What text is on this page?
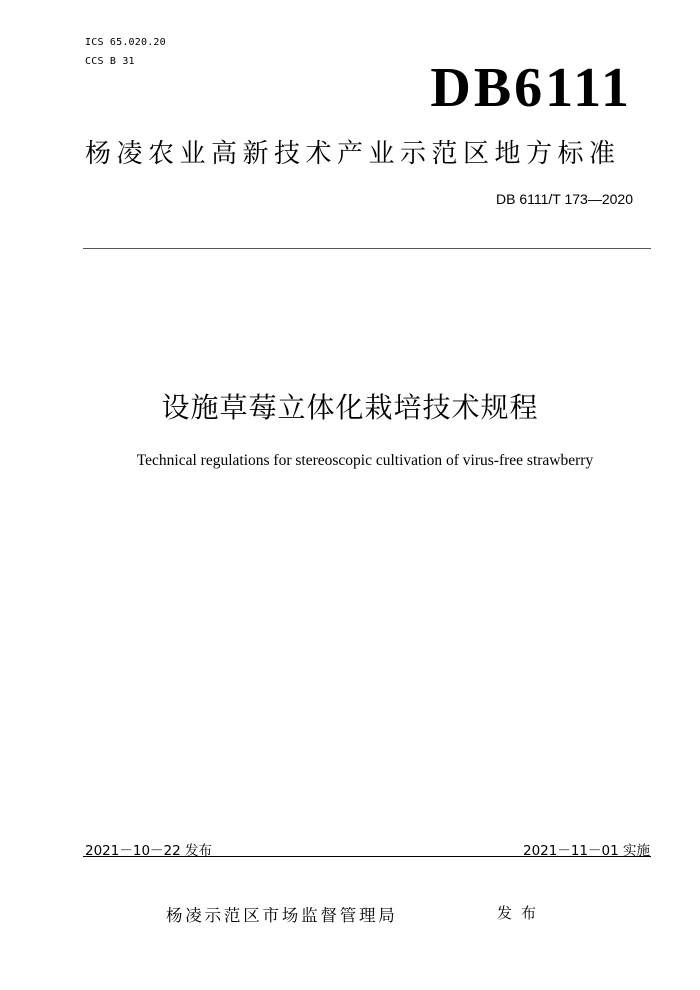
ICS 65.020.20
CCS B 31	DB6111
杨凌农业高新技术产业示范区地方标准
DB 6111/T 173—2020
设施草莓立体化栽培技术规程
Technical regulations for stereoscopic cultivation of virus-free strawberry
2021－10－22 发布	2021－11－01 实施
杨凌示范区市场监督管理局	发布
